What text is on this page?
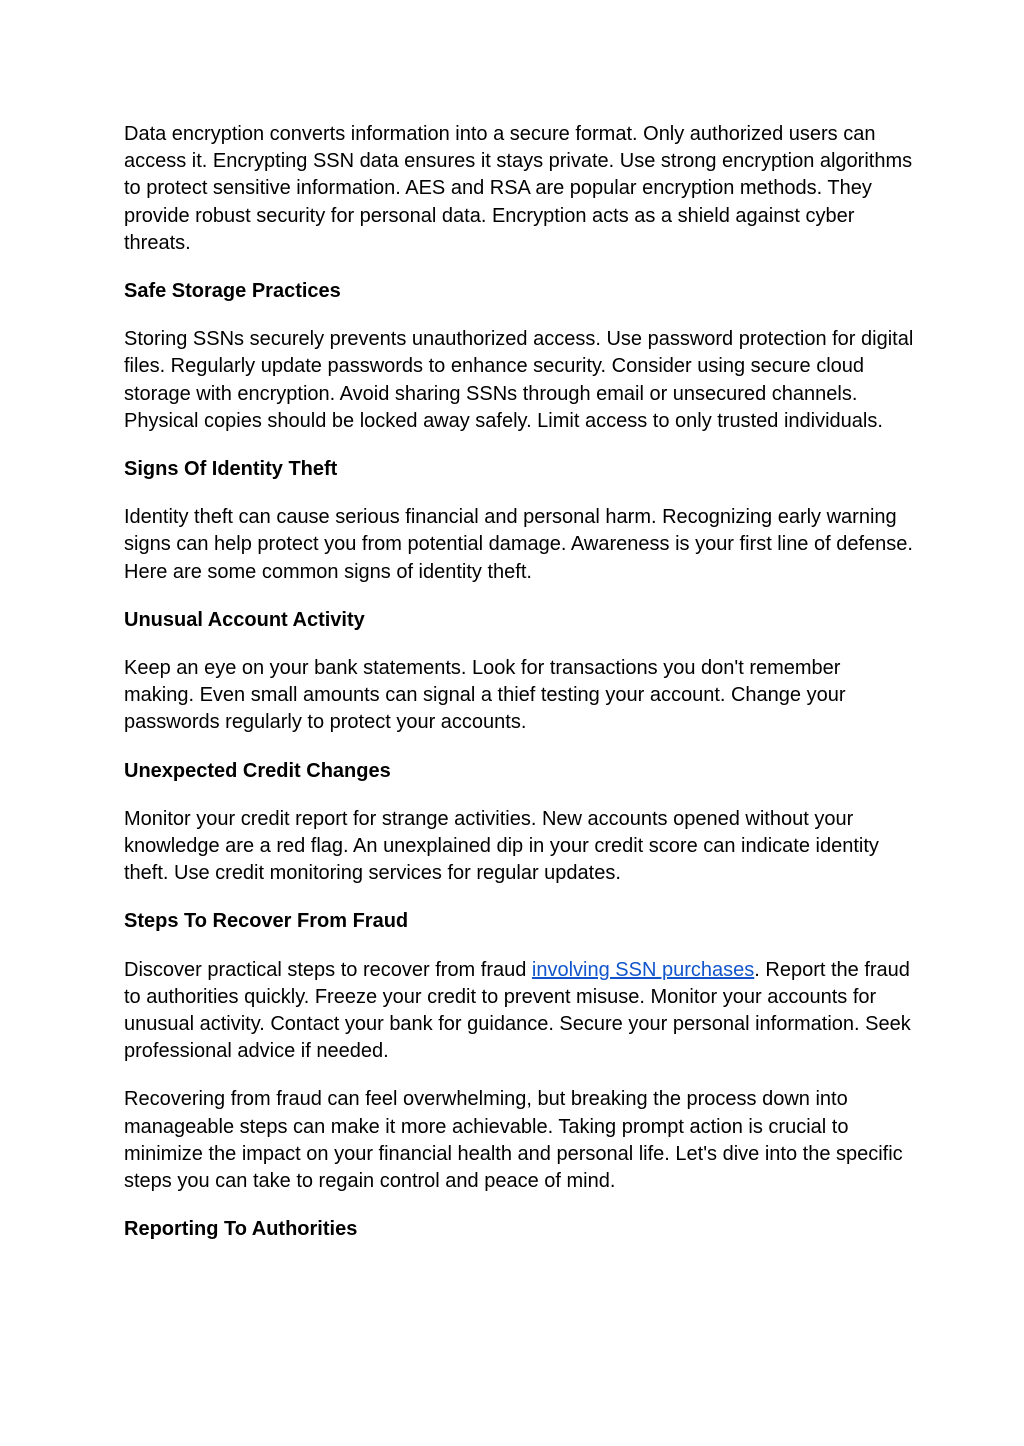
Data encryption converts information into a secure format. Only authorized users can access it. Encrypting SSN data ensures it stays private. Use strong encryption algorithms to protect sensitive information. AES and RSA are popular encryption methods. They provide robust security for personal data. Encryption acts as a shield against cyber threats.

Safe Storage Practices

Storing SSNs securely prevents unauthorized access. Use password protection for digital files. Regularly update passwords to enhance security. Consider using secure cloud storage with encryption. Avoid sharing SSNs through email or unsecured channels. Physical copies should be locked away safely. Limit access to only trusted individuals.

Signs Of Identity Theft

Identity theft can cause serious financial and personal harm. Recognizing early warning signs can help protect you from potential damage. Awareness is your first line of defense. Here are some common signs of identity theft.

Unusual Account Activity

Keep an eye on your bank statements. Look for transactions you don't remember making. Even small amounts can signal a thief testing your account. Change your passwords regularly to protect your accounts.

Unexpected Credit Changes

Monitor your credit report for strange activities. New accounts opened without your knowledge are a red flag. An unexplained dip in your credit score can indicate identity theft. Use credit monitoring services for regular updates.

Steps To Recover From Fraud

Discover practical steps to recover from fraud involving SSN purchases. Report the fraud to authorities quickly. Freeze your credit to prevent misuse. Monitor your accounts for unusual activity. Contact your bank for guidance. Secure your personal information. Seek professional advice if needed.

Recovering from fraud can feel overwhelming, but breaking the process down into manageable steps can make it more achievable. Taking prompt action is crucial to minimize the impact on your financial health and personal life. Let's dive into the specific steps you can take to regain control and peace of mind.

Reporting To Authorities
